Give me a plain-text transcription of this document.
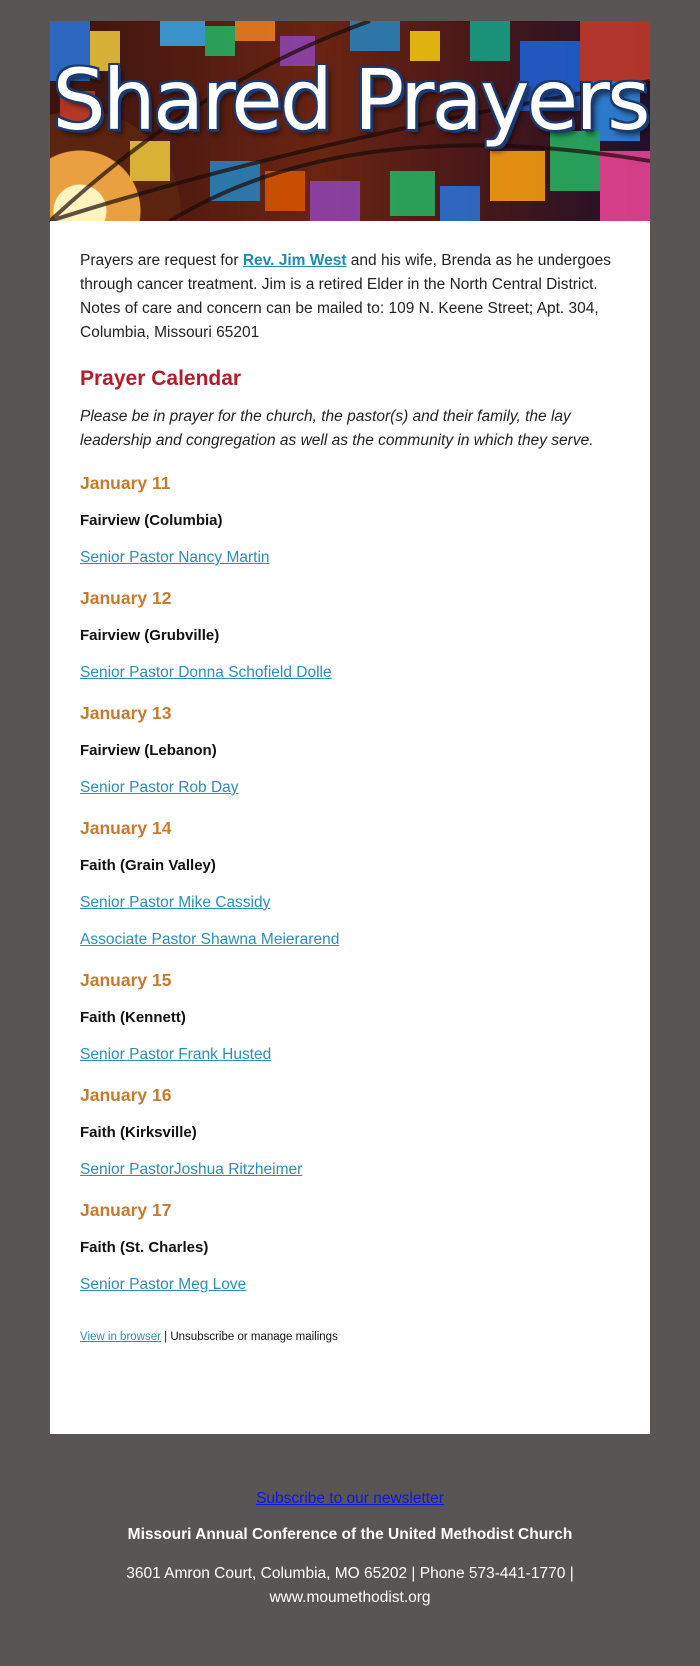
Shared Prayers

Prayers are request for Rev. Jim West and his wife, Brenda as he undergoes through cancer treatment. Jim is a retired Elder in the North Central District. Notes of care and concern can be mailed to: 109 N. Keene Street; Apt. 304, Columbia, Missouri 65201

Prayer Calendar

Please be in prayer for the church, the pastor(s) and their family, the lay leadership and congregation as well as the community in which they serve.

January 11
Fairview (Columbia)
Senior Pastor Nancy Martin
January 12
Fairview (Grubville)
Senior Pastor Donna Schofield Dolle
January 13
Fairview (Lebanon)
Senior Pastor Rob Day
January 14
Faith (Grain Valley)
Senior Pastor Mike Cassidy
Associate Pastor Shawna Meierarend
January 15
Faith (Kennett)
Senior Pastor Frank Husted
January 16
Faith (Kirksville)
Senior PastorJoshua Ritzheimer
January 17
Faith (St. Charles)
Senior Pastor Meg Love
View in browser | Unsubscribe or manage mailings
Subscribe to our newsletter
Missouri Annual Conference of the United Methodist Church
3601 Amron Court, Columbia, MO 65202 | Phone 573-441-1770 | www.moumethodist.org
